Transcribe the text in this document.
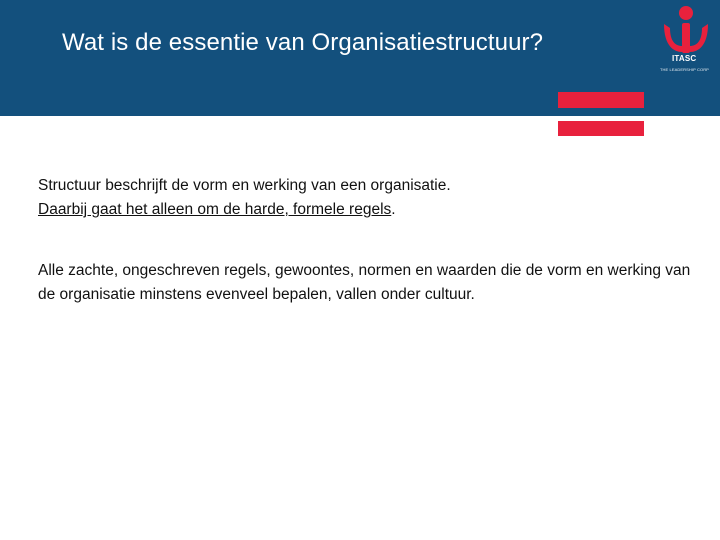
Wat is de essentie van Organisatiestructuur?
ITASC
THE LEADERSHIP CORP

Structuur beschrijft de vorm en werking van een organisatie.
Daarbij gaat het alleen om de harde, formele regels.

Alle zachte, ongeschreven regels, gewoontes, normen en waarden die de vorm en werking van de organisatie minstens evenveel bepalen, vallen onder cultuur.
